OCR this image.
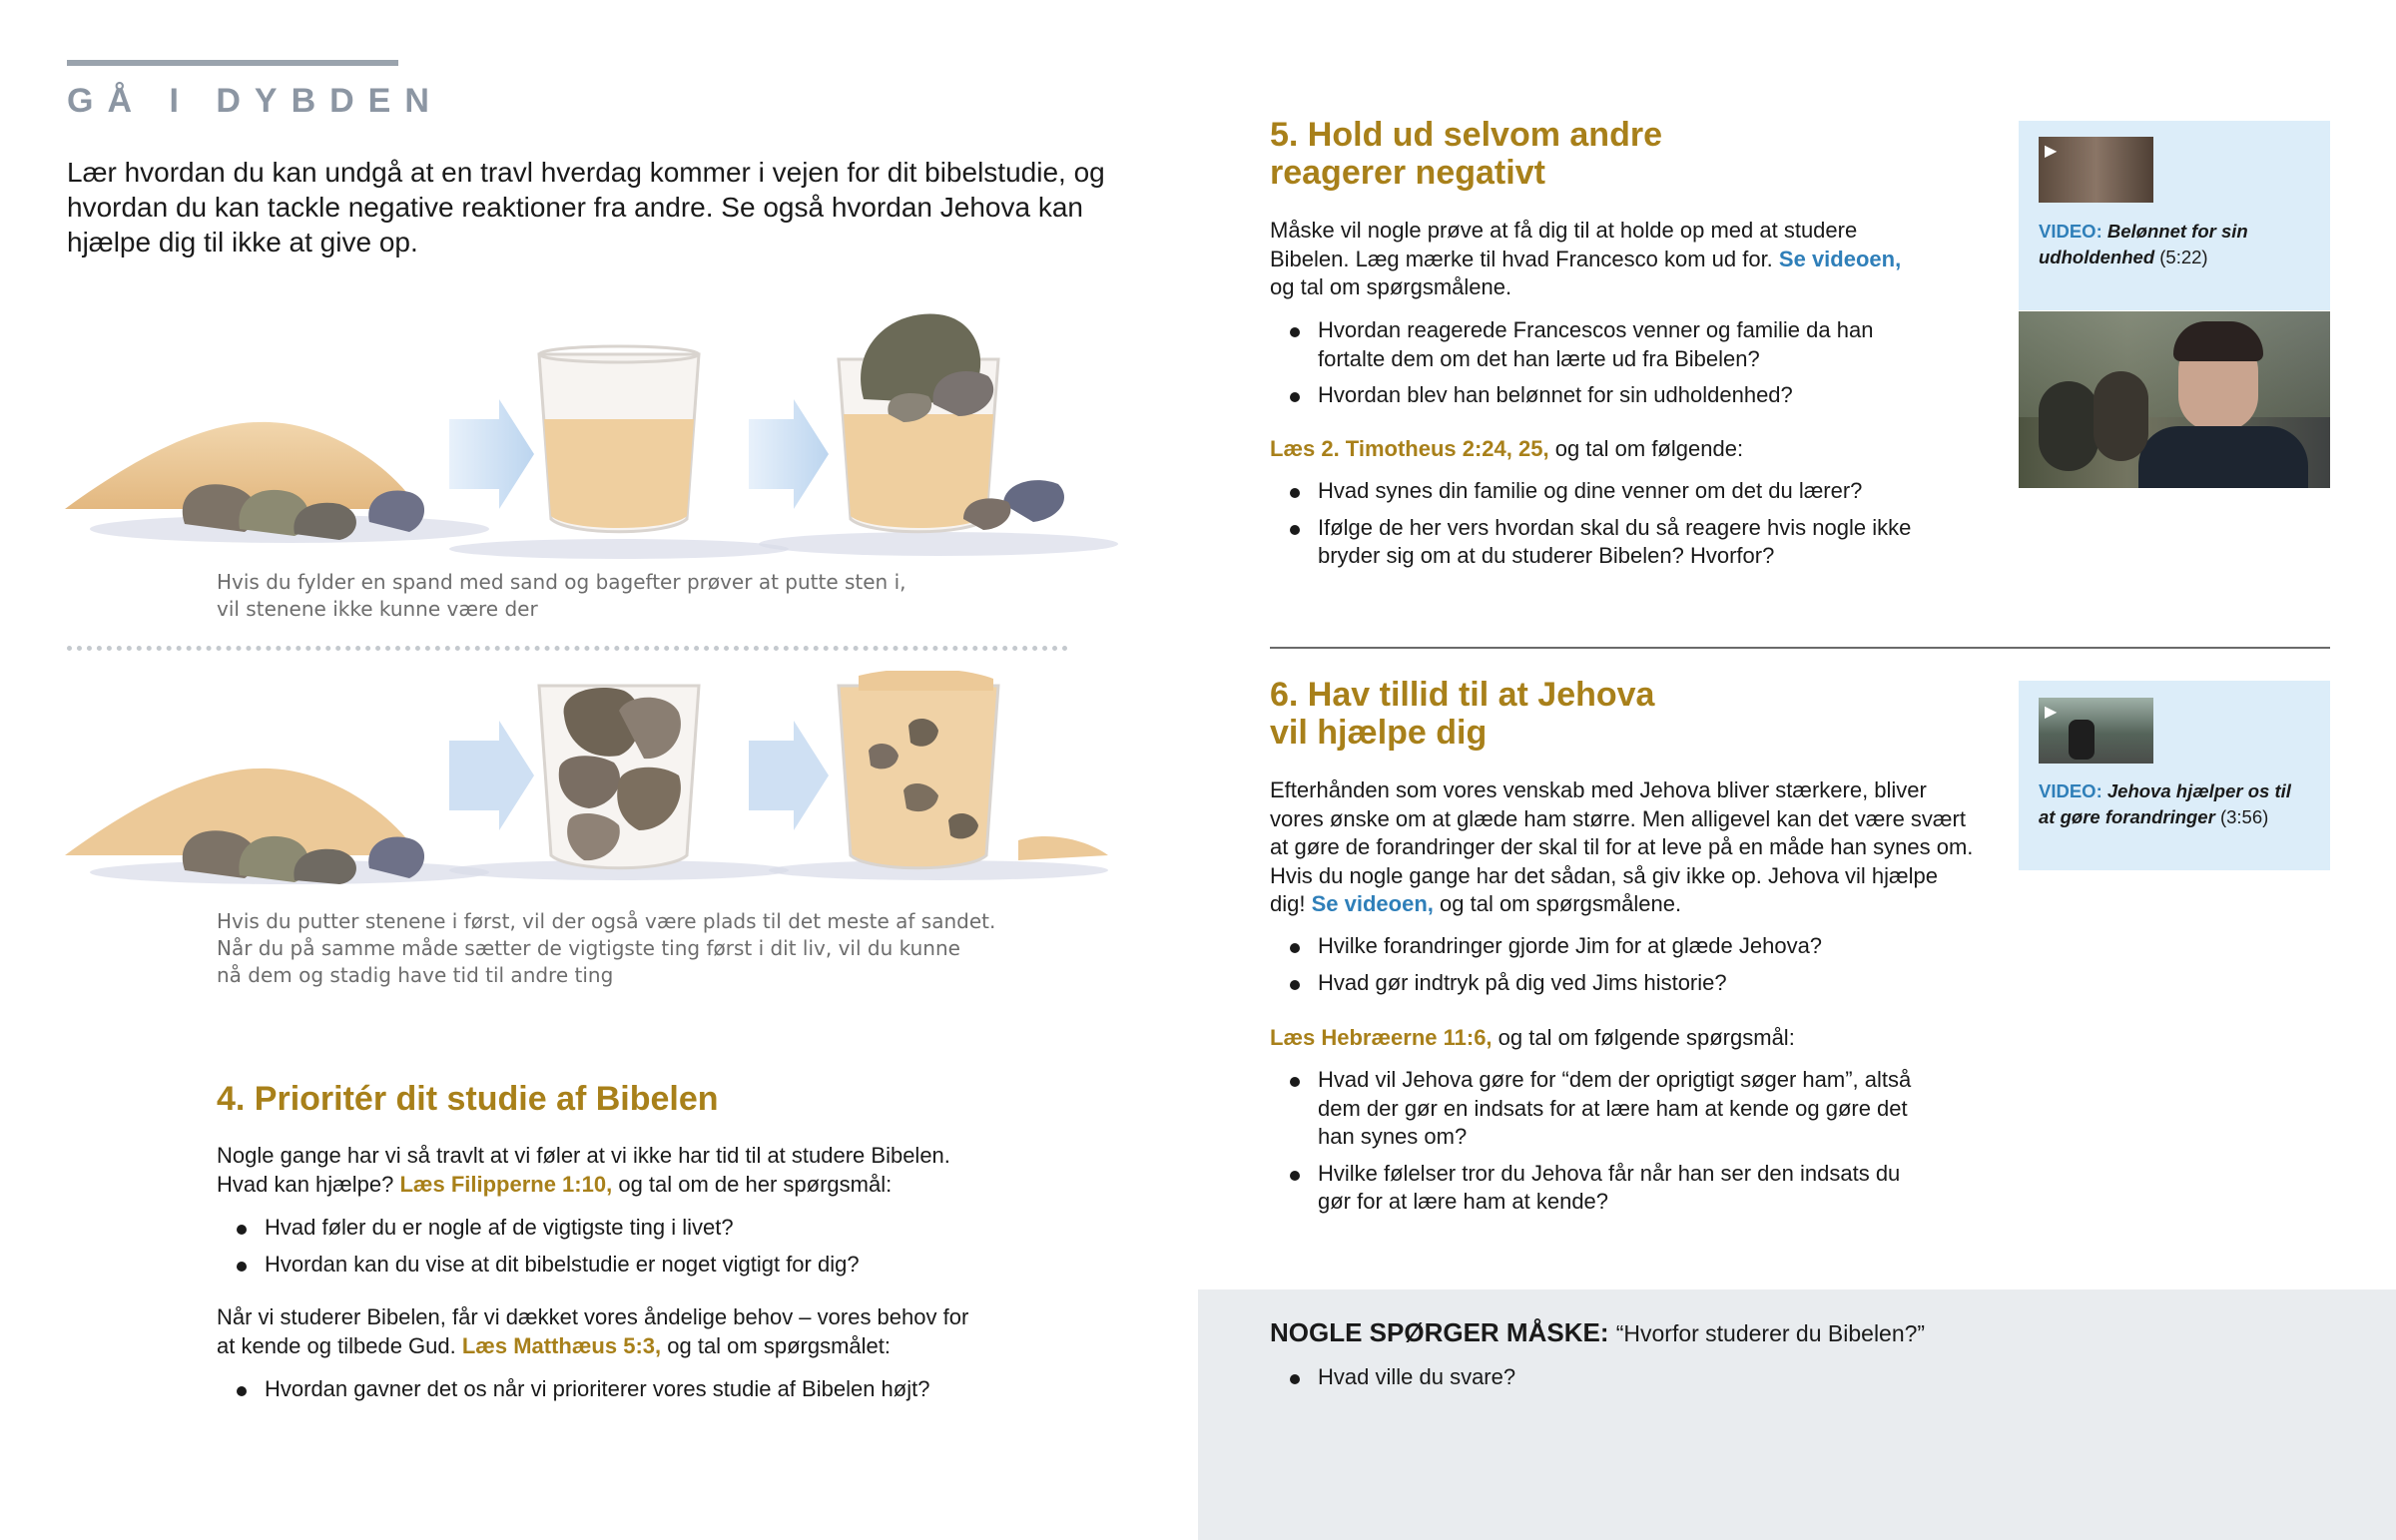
GÅ I DYBDEN
Lær hvordan du kan undgå at en travl hverdag kommer i vejen for dit bibelstudie, og hvordan du kan tackle negative reaktioner fra andre. Se også hvordan Jehova kan hjælpe dig til ikke at give op.
Hvis du fylder en spand med sand og bagefter prøver at putte sten i,
vil stenene ikke kunne være der
Hvis du putter stenene i først, vil der også være plads til det meste af sandet.
Når du på samme måde sætter de vigtigste ting først i dit liv, vil du kunne
nå dem og stadig have tid til andre ting
4. Prioritér dit studie af Bibelen
Nogle gange har vi så travlt at vi føler at vi ikke har tid til at studere Bibelen.
Hvad kan hjælpe? Læs Filipperne 1:10, og tal om de her spørgsmål:
Hvad føler du er nogle af de vigtigste ting i livet?
Hvordan kan du vise at dit bibelstudie er noget vigtigt for dig?
Når vi studerer Bibelen, får vi dækket vores åndelige behov – vores behov for
at kende og tilbede Gud. Læs Matthæus 5:3, og tal om spørgsmålet:
Hvordan gavner det os når vi prioriterer vores studie af Bibelen højt?
5. Hold ud selvom andre
reagerer negativt
Måske vil nogle prøve at få dig til at holde op med at studere
Bibelen. Læg mærke til hvad Francesco kom ud for. Se videoen,
og tal om spørgsmålene.
Hvordan reagerede Francescos venner og familie da han fortalte dem om det han lærte ud fra Bibelen?
Hvordan blev han belønnet for sin udholdenhed?
Læs 2. Timotheus 2:24, 25, og tal om følgende:
Hvad synes din familie og dine venner om det du lærer?
Ifølge de her vers hvordan skal du så reagere hvis nogle ikke bryder sig om at du studerer Bibelen? Hvorfor?
▶
VIDEO: Belønnet for sin udholdenhed (5:22)
6. Hav tillid til at Jehova
vil hjælpe dig
Efterhånden som vores venskab med Jehova bliver stærkere, bliver vores ønske om at glæde ham større. Men alligevel kan det være svært at gøre de forandringer der skal til for at leve på en måde han synes om. Hvis du nogle gange har det sådan, så giv ikke op. Jehova vil hjælpe dig! Se videoen, og tal om spørgsmålene.
Hvilke forandringer gjorde Jim for at glæde Jehova?
Hvad gør indtryk på dig ved Jims historie?
Læs Hebræerne 11:6, og tal om følgende spørgsmål:
Hvad vil Jehova gøre for “dem der oprigtigt søger ham”, altså dem der gør en indsats for at lære ham at kende og gøre det han synes om?
Hvilke følelser tror du Jehova får når han ser den indsats du gør for at lære ham at kende?
▶
VIDEO: Jehova hjælper os til at gøre forandringer (3:56)
NOGLE SPØRGER MÅSKE: “Hvorfor studerer du Bibelen?”
Hvad ville du svare?
